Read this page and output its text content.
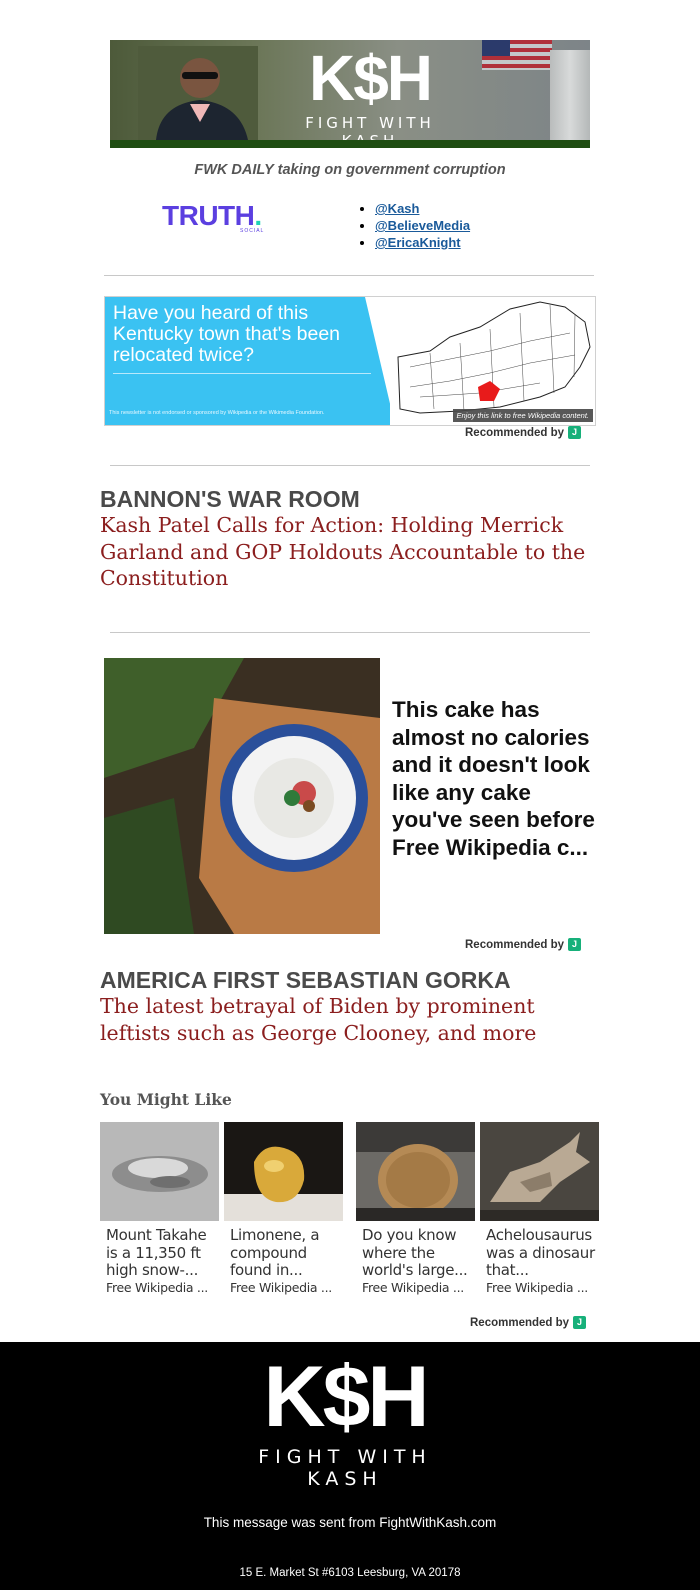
K$H
FIGHT WITH
FWK DAILY taking on government corruption
TRUTH.
SOCIAL
• @Kash
• @BelieveMedia
• @EricaKnight
Have you heard of this Kentucky town that's been relocated twice?
This newsletter is not endorsed or sponsored by Wikipedia or the Wikimedia Foundation.	Enjoy this link to free Wikipedia content.
Recommended by J
BANNON'S WAR ROOM
Kash Patel Calls for Action: Holding Merrick Garland and GOP Holdouts Accountable to the Constitution
This cake has almost no calories and it doesn't look like any cake you've seen before
Free Wikipedia c...
Recommended by J
AMERICA FIRST SEBASTIAN GORKA
The latest betrayal of Biden by prominent leftists such as George Clooney, and more
You Might Like
Mount Takahe is a 11,350 ft high snow-...
Free Wikipedia ...
Limonene, a compound found in...
Free Wikipedia ...
Do you know where the world's large...
Free Wikipedia ...
Achelousaurus was a dinosaur that...
Free Wikipedia ...
Recommended by J
K$H
FIGHT WITH KASH
This message was sent from FightWithKash.com
15 E. Market St #6103 Leesburg, VA 20178
